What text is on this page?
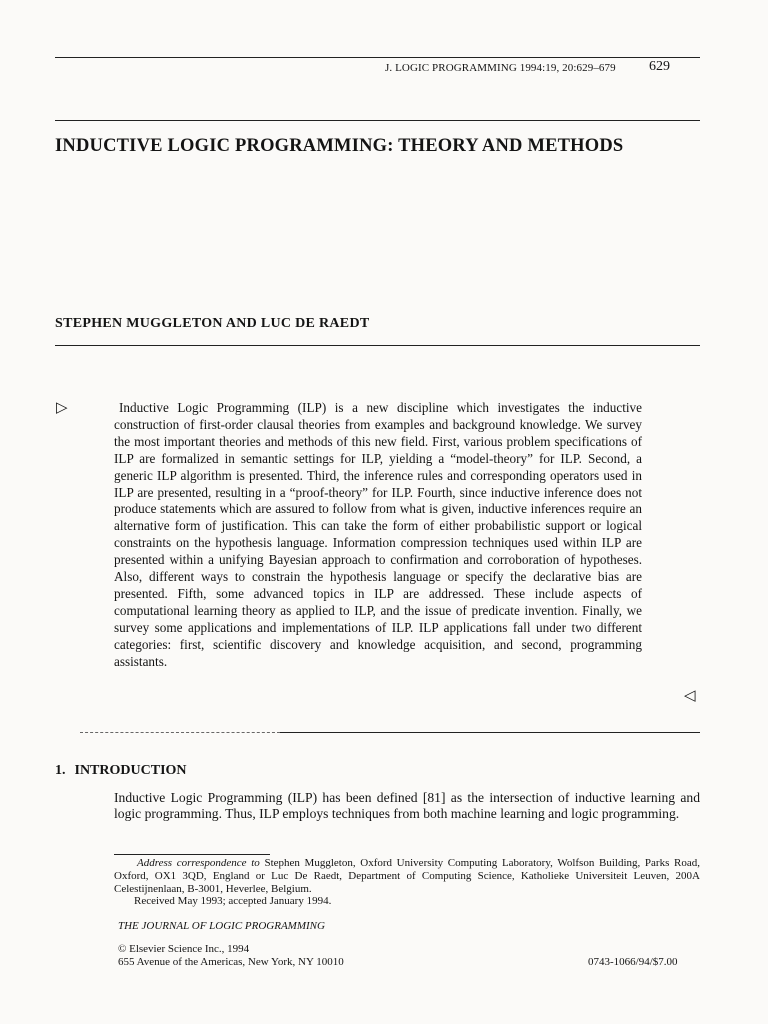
J. LOGIC PROGRAMMING 1994:19, 20:629–679 629
INDUCTIVE LOGIC PROGRAMMING: THEORY AND METHODS
STEPHEN MUGGLETON AND LUC DE RAEDT
▷	Inductive Logic Programming (ILP) is a new discipline which investigates the inductive construction of first-order clausal theories from examples and background knowledge. We survey the most important theories and methods of this new field. First, various problem specifications of ILP are formalized in semantic settings for ILP, yielding a “model-theory” for ILP. Second, a generic ILP algorithm is presented. Third, the inference rules and corresponding operators used in ILP are presented, resulting in a “proof-theory” for ILP. Fourth, since inductive inference does not produce statements which are assured to follow from what is given, inductive inferences require an alternative form of justification. This can take the form of either probabilistic support or logical constraints on the hypothesis language. Information compression techniques used within ILP are presented within a unifying Bayesian approach to confirmation and corroboration of hypotheses. Also, different ways to constrain the hypothesis language or specify the declarative bias are presented. Fifth, some advanced topics in ILP are addressed. These include aspects of computational learning theory as applied to ILP, and the issue of predicate invention. Finally, we survey some applications and implementations of ILP. ILP applications fall under two different categories: first, scientific discovery and knowledge acquisition, and second, programming assistants.
◁
1. INTRODUCTION
Inductive Logic Programming (ILP) has been defined [81] as the intersection of inductive learning and logic programming. Thus, ILP employs techniques from both machine learning and logic programming.
Address correspondence to Stephen Muggleton, Oxford University Computing Laboratory, Wolfson Building, Parks Road, Oxford, OX1 3QD, England or Luc De Raedt, Department of Computing Science, Katholieke Universiteit Leuven, 200A Celestijnenlaan, B-3001, Heverlee, Belgium.
Received May 1993; accepted January 1994.
THE JOURNAL OF LOGIC PROGRAMMING
© Elsevier Science Inc., 1994
655 Avenue of the Americas, New York, NY 10010	0743-1066/94/$7.00
